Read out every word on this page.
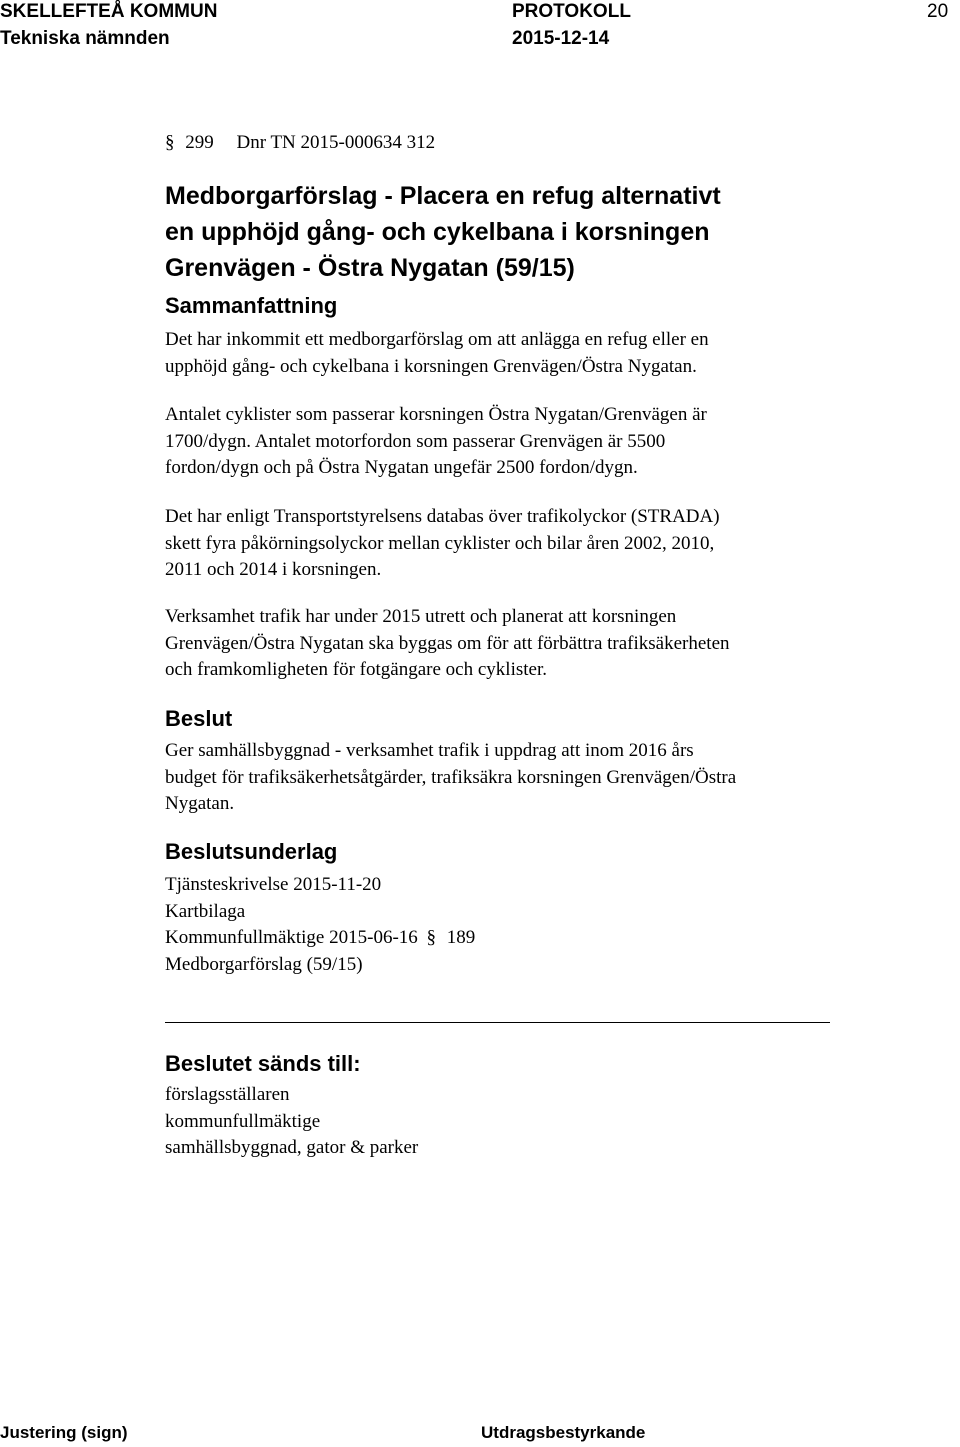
SKELLEFTEÅ KOMMUN
Tekniska nämnden
PROTOKOLL
2015-12-14
20
§ 299 Dnr TN 2015-000634 312
Medborgarförslag - Placera en refug alternativt
en upphöjd gång- och cykelbana i korsningen
Grenvägen - Östra Nygatan (59/15)
Sammanfattning
Det har inkommit ett medborgarförslag om att anlägga en refug eller en
upphöjd gång- och cykelbana i korsningen Grenvägen/Östra Nygatan.
Antalet cyklister som passerar korsningen Östra Nygatan/Grenvägen är
1700/dygn. Antalet motorfordon som passerar Grenvägen är 5500
fordon/dygn och på Östra Nygatan ungefär 2500 fordon/dygn.
Det har enligt Transportstyrelsens databas över trafikolyckor (STRADA)
skett fyra påkörningsolyckor mellan cyklister och bilar åren 2002, 2010,
2011 och 2014 i korsningen.
Verksamhet trafik har under 2015 utrett och planerat att korsningen
Grenvägen/Östra Nygatan ska byggas om för att förbättra trafiksäkerheten
och framkomligheten för fotgängare och cyklister.
Beslut
Ger samhällsbyggnad - verksamhet trafik i uppdrag att inom 2016 års
budget för trafiksäkerhetsåtgärder, trafiksäkra korsningen Grenvägen/Östra
Nygatan.
Beslutsunderlag
Tjänsteskrivelse 2015-11-20
Kartbilaga
Kommunfullmäktige 2015-06-16 § 189
Medborgarförslag (59/15)
Beslutet sänds till:
förslagsställaren
kommunfullmäktige
samhällsbyggnad, gator & parker
Justering (sign)	Utdragsbestyrkande
